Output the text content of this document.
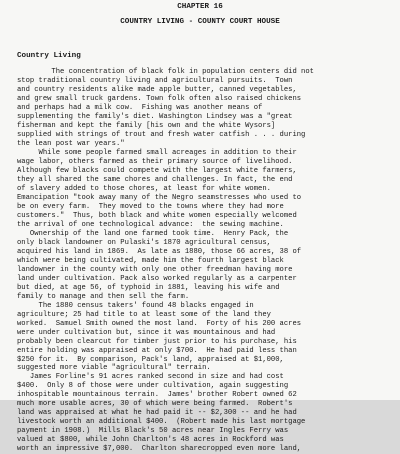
CHAPTER 16
COUNTRY LIVING - COUNTY COURT HOUSE
Country Living
The concentration of black folk in population centers did not
stop traditional country living and agricultural pursuits.  Town
and country residents alike made apple butter, canned vegetables,
and grew small truck gardens. Town folk often also raised chickens
and perhaps had a milk cow.  Fishing was another means of
supplementing the family's diet. Washington Lindsey was a "great
fisherman and kept the family [his own and the white Wysors]
supplied with strings of trout and fresh water catfish . . . during
the lean post war years."
While some people farmed small acreages in addition to their
wage labor, others farmed as their primary source of livelihood.
Although few blacks could compete with the largest white farmers,
they all shared the same chores and challenges. In fact, the end
of slavery added to those chores, at least for white women.
Emancipation "took away many of the Negro seamstresses who used to
be on every farm.  They moved to the towns where they had more
customers."  Thus, both black and white women especially welcomed
the arrival of one technological advance:  the sewing machine.
Ownership of the land one farmed took time.  Henry Pack, the
only black landowner on Pulaski's 1870 agricultural census,
acquired his land in 1869.  As late as 1880, those 66 acres, 38 of
which were being cultivated, made him the fourth largest black
landowner in the county with only one other freedman having more
land under cultivation. Pack also worked regularly as a carpenter
but died, at age 56, of typhoid in 1881, leaving his wife and
family to manage and then sell the farm.
The 1880 census takers' found 48 blacks engaged in
agriculture; 25 had title to at least some of the land they
worked.  Samuel Smith owned the most land.  Forty of his 200 acres
were under cultivation but, since it was mountainous and had
probably been clearcut for timber just prior to his purchase, his
entire holding was appraised at only $700.  He had paid less than
$250 for it.  By comparison, Pack's land, appraised at $1,000,
suggested more viable "agricultural" terrain.
James Forline's 91 acres ranked second in size and had cost
$400.  Only 8 of those were under cultivation, again suggesting
inhospitable mountainous terrain.  James' brother Robert owned 62
much more usable acres, 30 of which were being farmed.  Robert's
land was appraised at what he had paid it -- $2,300 -- and he had
livestock worth an additional $400.  (Robert made his last mortgage
payment in 1908.)  Mills Black's 50 acres near Ingles Ferry was
valued at $800, while John Charlton's 48 acres in Rockford was
worth an impressive $7,000.  Charlton sharecropped even more land,
